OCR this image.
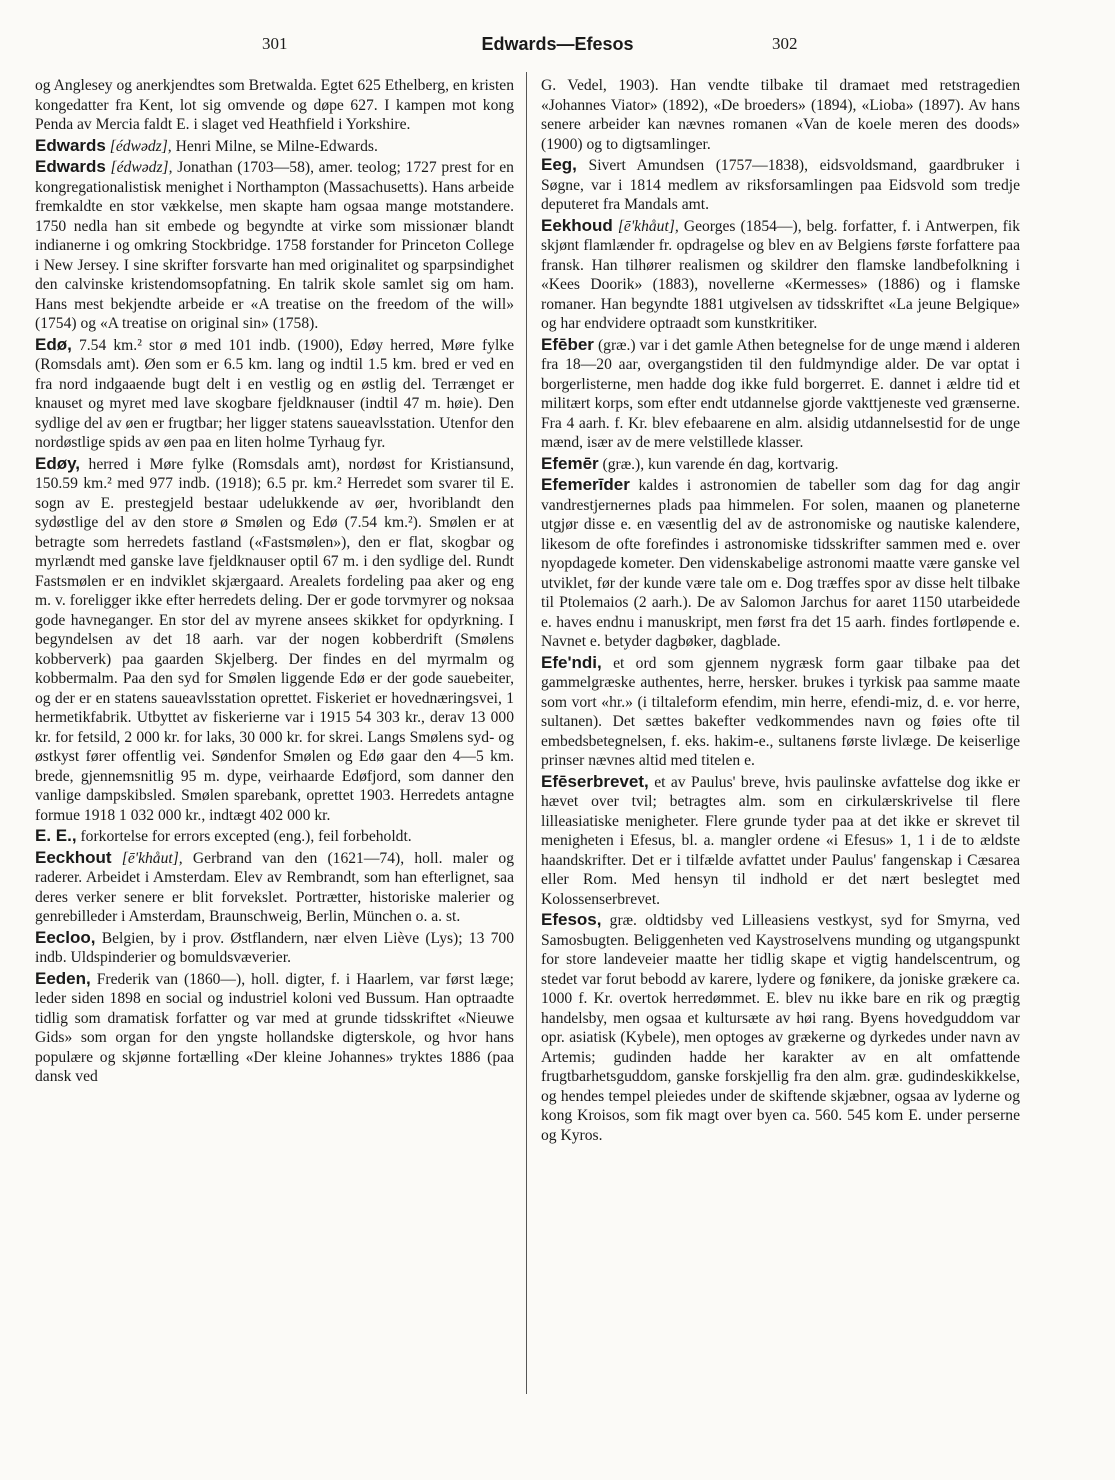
301	Edwards—Efesos	302

og Anglesey og anerkjendtes som Bretwalda. Egtet 625 Ethelberg, en kristen kongedatter fra Kent, lot sig omvende og døpe 627. I kampen mot kong Penda av Mercia faldt E. i slaget ved Heathfield i Yorkshire.

Edwards [édwədz], Henri Milne, se Milne-Edwards.

Edwards [édwədz], Jonathan (1703—58), amer. teolog; 1727 prest for en kongregationalistisk menighet i Northampton (Massachusetts). Hans arbeide fremkaldte en stor vækkelse, men skapte ham ogsaa mange motstandere. 1750 nedla han sit embede og begyndte at virke som missionær blandt indianerne i og omkring Stockbridge. 1758 forstander for Princeton College i New Jersey. I sine skrifter forsvarte han med originalitet og sparpsindighet den calvinske kristendomsopfatning. En talrik skole samlet sig om ham. Hans mest bekjendte arbeide er «A treatise on the freedom of the will» (1754) og «A treatise on original sin» (1758).

Edø, 7.54 km.² stor ø med 101 indb. (1900), Edøy herred, Møre fylke (Romsdals amt). Øen som er 6.5 km. lang og indtil 1.5 km. bred er ved en fra nord indgaaende bugt delt i en vestlig og en østlig del. Terrænget er knauset og myret med lave skogbare fjeldknauser (indtil 47 m. høie). Den sydlige del av øen er frugtbar; her ligger statens saueavlsstation. Utenfor den nordøstlige spids av øen paa en liten holme Tyrhaug fyr.

Edøy, herred i Møre fylke (Romsdals amt), nordøst for Kristiansund, 150.59 km.² med 977 indb. (1918); 6.5 pr. km.² Herredet som svarer til E. sogn av E. prestegjeld bestaar udelukkende av øer, hvoriblandt den sydøstlige del av den store ø Smølen og Edø (7.54 km.²). Smølen er at betragte som herredets fastland («Fastsmølen»), den er flat, skogbar og myrlændt med ganske lave fjeldknauser optil 67 m. i den sydlige del. Rundt Fastsmølen er en indviklet skjærgaard. Arealets fordeling paa aker og eng m. v. foreligger ikke efter herredets deling. Der er gode torvmyrer og noksaa gode havneganger. En stor del av myrene ansees skikket for opdyrkning. I begyndelsen av det 18 aarh. var der nogen kobberdrift (Smølens kobberverk) paa gaarden Skjelberg. Der findes en del myrmalm og kobbermalm. Paa den syd for Smølen liggende Edø er der gode sauebeiter, og der er en statens saueavlsstation oprettet. Fiskeriet er hovednæringsvei, 1 hermetikfabrik. Utbyttet av fiskerierne var i 1915 54 303 kr., derav 13 000 kr. for fetsild, 2 000 kr. for laks, 30 000 kr. for skrei. Langs Smølens syd- og østkyst fører offentlig vei. Søndenfor Smølen og Edø gaar den 4—5 km. brede, gjennemsnitlig 95 m. dype, veirhaarde Edøfjord, som danner den vanlige dampskibsled. Smølen sparebank, oprettet 1903. Herredets antagne formue 1918 1 032 000 kr., indtægt 402 000 kr.

E. E., forkortelse for errors excepted (eng.), feil forbeholdt.

Eeckhout [ē'khåut], Gerbrand van den (1621—74), holl. maler og raderer. Arbeidet i Amsterdam. Elev av Rembrandt, som han efterlignet, saa deres verker senere er blit forvekslet. Portrætter, historiske malerier og genrebilleder i Amsterdam, Braunschweig, Berlin, München o. a. st.

Eecloo, Belgien, by i prov. Østflandern, nær elven Liève (Lys); 13 700 indb. Uldspinderier og bomuldsvæverier.

Eeden, Frederik van (1860—), holl. digter, f. i Haarlem, var først læge; leder siden 1898 en social og industriel koloni ved Bussum. Han optraadte tidlig som dramatisk forfatter og var med at grunde tidsskriftet «Nieuwe Gids» som organ for den yngste hollandske digterskole, og hvor hans populære og skjønne fortælling «Der kleine Johannes» tryktes 1886 (paa dansk ved

G. Vedel, 1903). Han vendte tilbake til dramaet med retstragedien «Johannes Viator» (1892), «De broeders» (1894), «Lioba» (1897). Av hans senere arbeider kan nævnes romanen «Van de koele meren des doods» (1900) og to digtsamlinger.

Eeg, Sivert Amundsen (1757—1838), eidsvoldsmand, gaardbruker i Søgne, var i 1814 medlem av riksforsamlingen paa Eidsvold som tredje deputeret fra Mandals amt.

Eekhoud [ē'khåut], Georges (1854—), belg. forfatter, f. i Antwerpen, fik skjønt flamlænder fr. opdragelse og blev en av Belgiens første forfattere paa fransk. Han tilhører realismen og skildrer den flamske landbefolkning i «Kees Doorik» (1883), novellerne «Kermesses» (1886) og i flamske romaner. Han begyndte 1881 utgivelsen av tidsskriftet «La jeune Belgique» og har endvidere optraadt som kunstkritiker.

Efēber (græ.) var i det gamle Athen betegnelse for de unge mænd i alderen fra 18—20 aar, overgangstiden til den fuldmyndige alder. De var optat i borgerlisterne, men hadde dog ikke fuld borgerret. E. dannet i ældre tid et militært korps, som efter endt utdannelse gjorde vakttjeneste ved grænserne. Fra 4 aarh. f. Kr. blev efebaarene en alm. alsidig utdannelsestid for de unge mænd, især av de mere velstillede klasser.

Efemēr (græ.), kun varende én dag, kortvarig.

Efemerīder kaldes i astronomien de tabeller som dag for dag angir vandrestjernernes plads paa himmelen. For solen, maanen og planeterne utgjør disse e. en væsentlig del av de astronomiske og nautiske kalendere, likesom de ofte forefindes i astronomiske tidsskrifter sammen med e. over nyopdagede kometer. Den videnskabelige astronomi maatte være ganske vel utviklet, før der kunde være tale om e. Dog træffes spor av disse helt tilbake til Ptolemaios (2 aarh.). De av Salomon Jarchus for aaret 1150 utarbeidede e. haves endnu i manuskript, men først fra det 15 aarh. findes fortløpende e. Navnet e. betyder dagbøker, dagblade.

Efe'ndi, et ord som gjennem nygræsk form gaar tilbake paa det gammelgræske authentes, herre, hersker. brukes i tyrkisk paa samme maate som vort «hr.» (i tiltaleform efendim, min herre, efendi-miz, d. e. vor herre, sultanen). Det sættes bakefter vedkommendes navn og føies ofte til embedsbetegnelsen, f. eks. hakim-e., sultanens første livlæge. De keiserlige prinser nævnes altid med titelen e.

Efēserbrevet, et av Paulus' breve, hvis paulinske avfattelse dog ikke er hævet over tvil; betragtes alm. som en cirkulærskrivelse til flere lilleasiatiske menigheter. Flere grunde tyder paa at det ikke er skrevet til menigheten i Efesus, bl. a. mangler ordene «i Efesus» 1, 1 i de to ældste haandskrifter. Det er i tilfælde avfattet under Paulus' fangenskap i Cæsarea eller Rom. Med hensyn til indhold er det nært beslegtet med Kolossenserbrevet.

Efesos, græ. oldtidsby ved Lilleasiens vestkyst, syd for Smyrna, ved Samosbugten. Beliggenheten ved Kaystroselvens munding og utgangspunkt for store landeveier maatte her tidlig skape et vigtig handelscentrum, og stedet var forut bebodd av karere, lydere og fønikere, da joniske grækere ca. 1000 f. Kr. overtok herredømmet. E. blev nu ikke bare en rik og prægtig handelsby, men ogsaa et kultursæte av høi rang. Byens hovedguddom var opr. asiatisk (Kybele), men optoges av grækerne og dyrkedes under navn av Artemis; gudinden hadde her karakter av en alt omfattende frugtbarhetsguddom, ganske forskjellig fra den alm. græ. gudindeskikkelse, og hendes tempel pleiedes under de skiftende skjæbner, ogsaa av lyderne og kong Kroisos, som fik magt over byen ca. 560. 545 kom E. under perserne og Kyros.
